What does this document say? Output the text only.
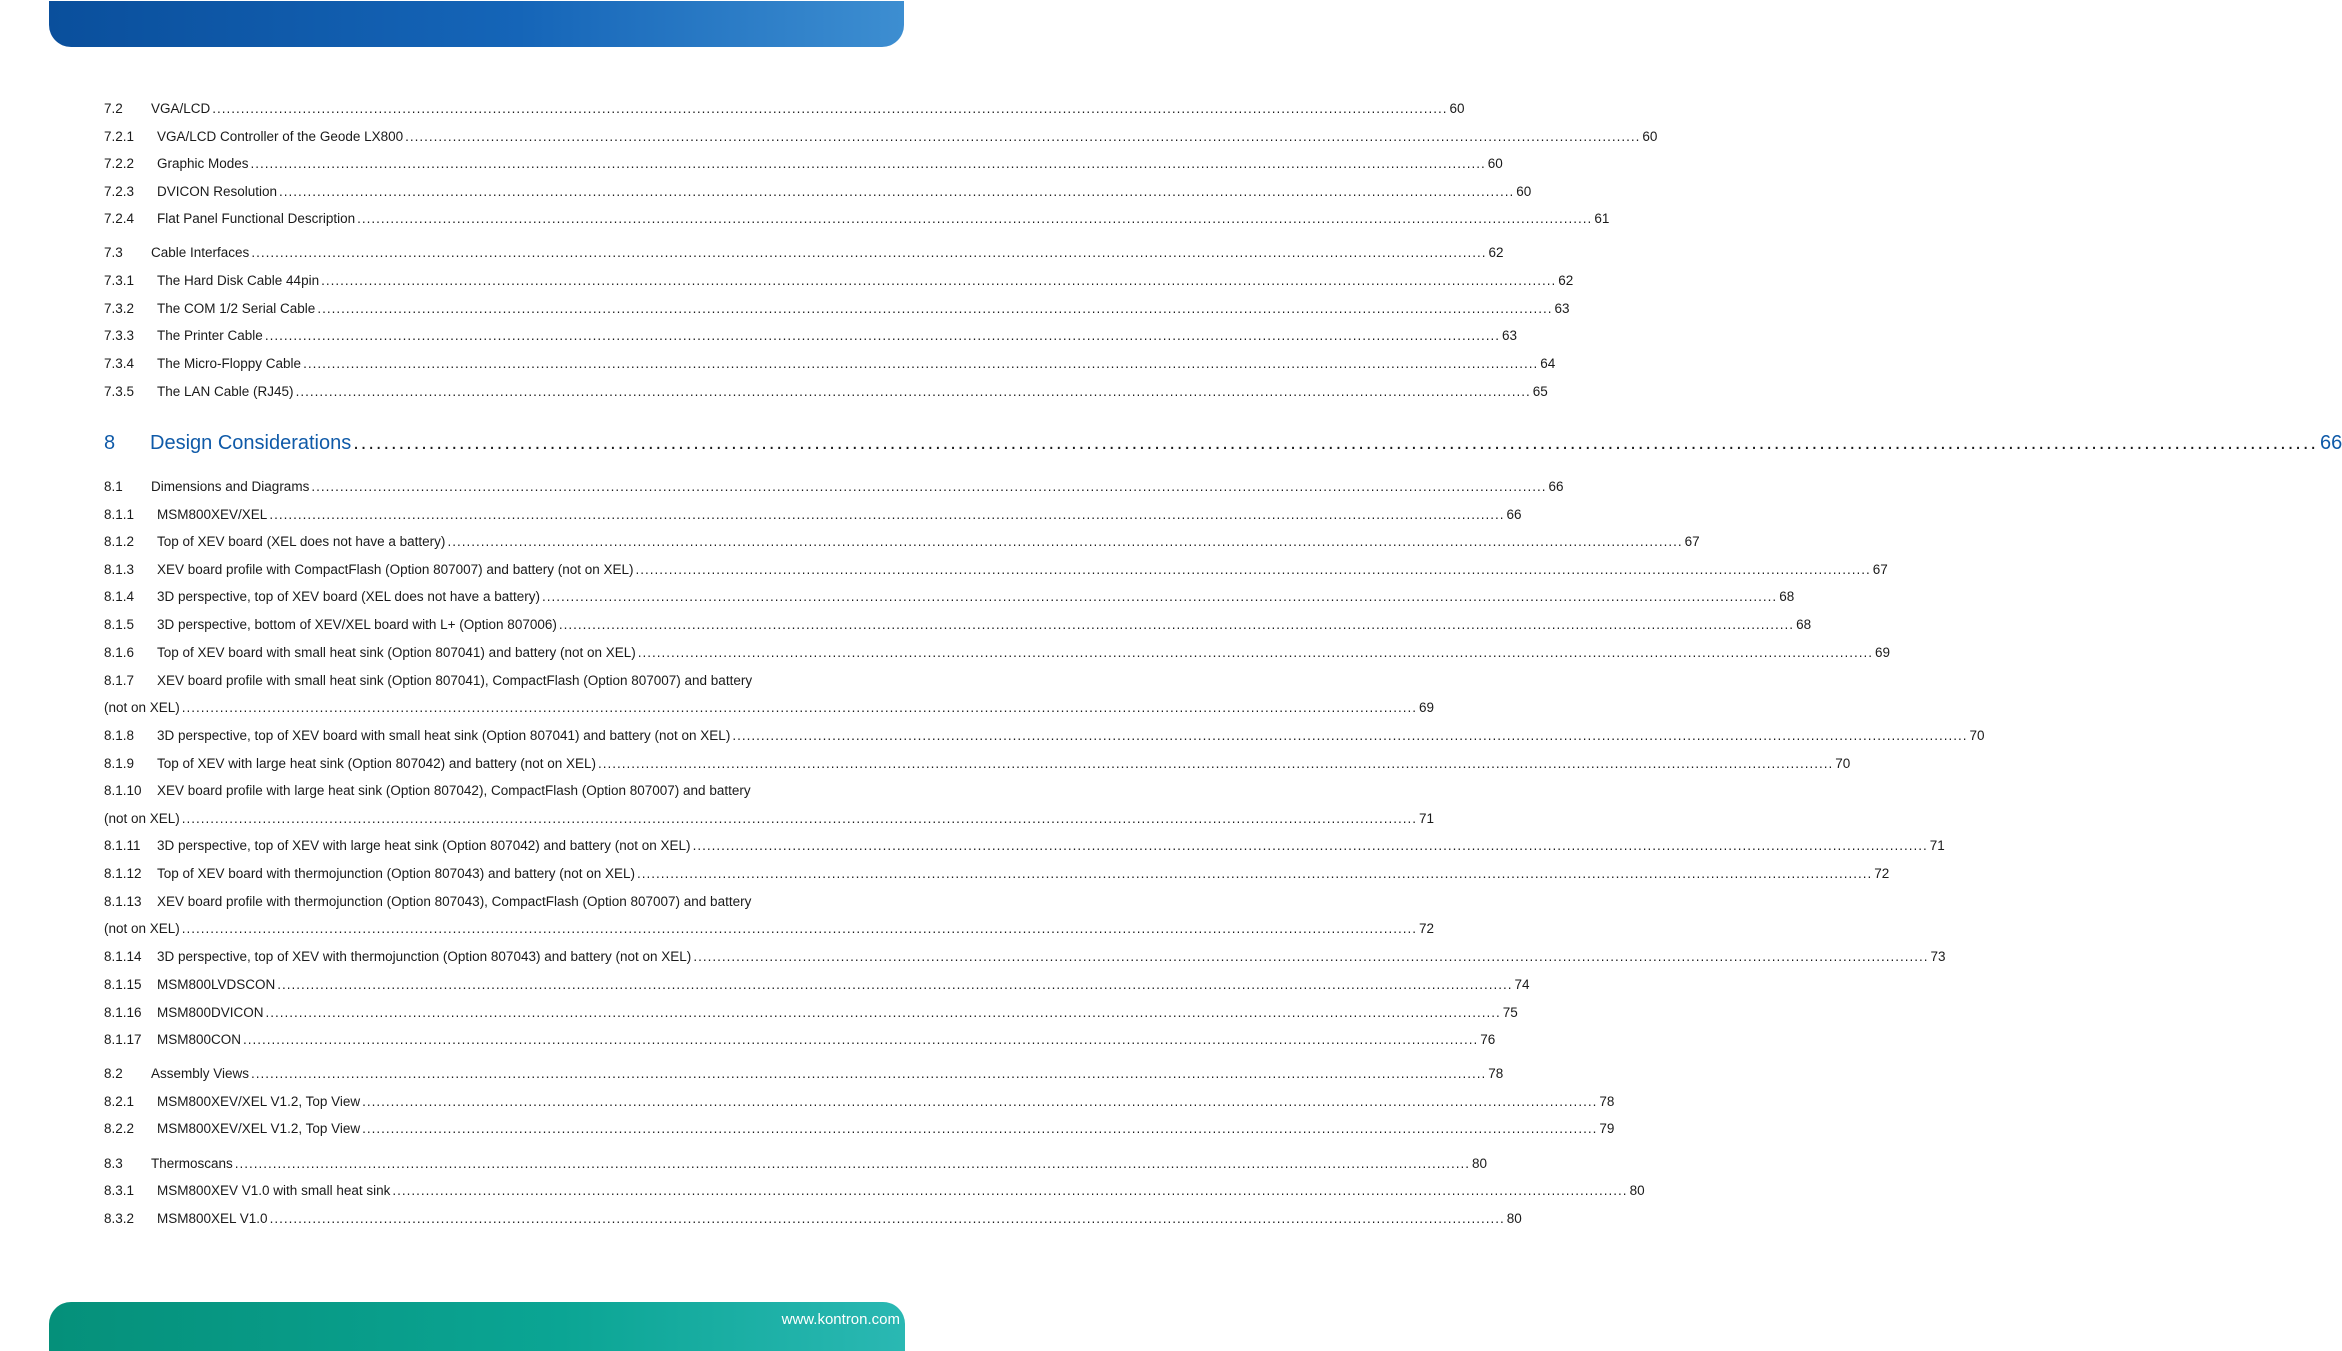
7.2	VGA/LCD .....	60
7.2.1	VGA/LCD Controller of the Geode LX800 .....	60
7.2.2	Graphic Modes .....	60
7.2.3	DVICON Resolution .....	60
7.2.4	Flat Panel Functional Description .....	61
7.3	Cable Interfaces .....	62
7.3.1	The Hard Disk Cable 44pin .....	62
7.3.2	The COM 1/2 Serial Cable .....	63
7.3.3	The Printer Cable .....	63
7.3.4	The Micro-Floppy Cable .....	64
7.3.5	The LAN Cable (RJ45) .....	65
8	Design Considerations .....	66
8.1	Dimensions and Diagrams .....	66
8.1.1	MSM800XEV/XEL .....	66
8.1.2	Top of XEV board (XEL does not have a battery) .....	67
8.1.3	XEV board profile with CompactFlash (Option 807007) and battery (not on XEL) .....	67
8.1.4	3D perspective, top of XEV board (XEL does not have a battery) .....	68
8.1.5	3D perspective, bottom of XEV/XEL board with L+ (Option 807006) .....	68
8.1.6	Top of XEV board with small heat sink (Option 807041) and battery (not on XEL) .....	69
8.1.7 XEV board profile with small heat sink (Option 807041), CompactFlash (Option 807007) and battery
(not on XEL) .....	69
8.1.8	3D perspective, top of XEV board with small heat sink (Option 807041) and battery (not on XEL) .....	70
8.1.9	Top of XEV with large heat sink (Option 807042) and battery (not on XEL) .....	70
8.1.10 XEV board profile with large heat sink (Option 807042), CompactFlash (Option 807007) and battery
(not on XEL) .....	71
8.1.11	3D perspective, top of XEV with large heat sink (Option 807042) and battery (not on XEL) .....	71
8.1.12	Top of XEV board with thermojunction (Option 807043) and battery (not on XEL) .....	72
8.1.13 XEV board profile with thermojunction (Option 807043), CompactFlash (Option 807007) and battery
(not on XEL) .....	72
8.1.14	3D perspective, top of XEV with thermojunction (Option 807043) and battery (not on XEL) .....	73
8.1.15	MSM800LVDSCON .....	74
8.1.16	MSM800DVICON .....	75
8.1.17	MSM800CON .....	76
8.2	Assembly Views .....	78
8.2.1	MSM800XEV/XEL V1.2, Top View .....	78
8.2.2	MSM800XEV/XEL V1.2, Top View .....	79
8.3	Thermoscans .....	80
8.3.1	MSM800XEV V1.0 with small heat sink .....	80
8.3.2	MSM800XEL V1.0 .....	80
www.kontron.com
